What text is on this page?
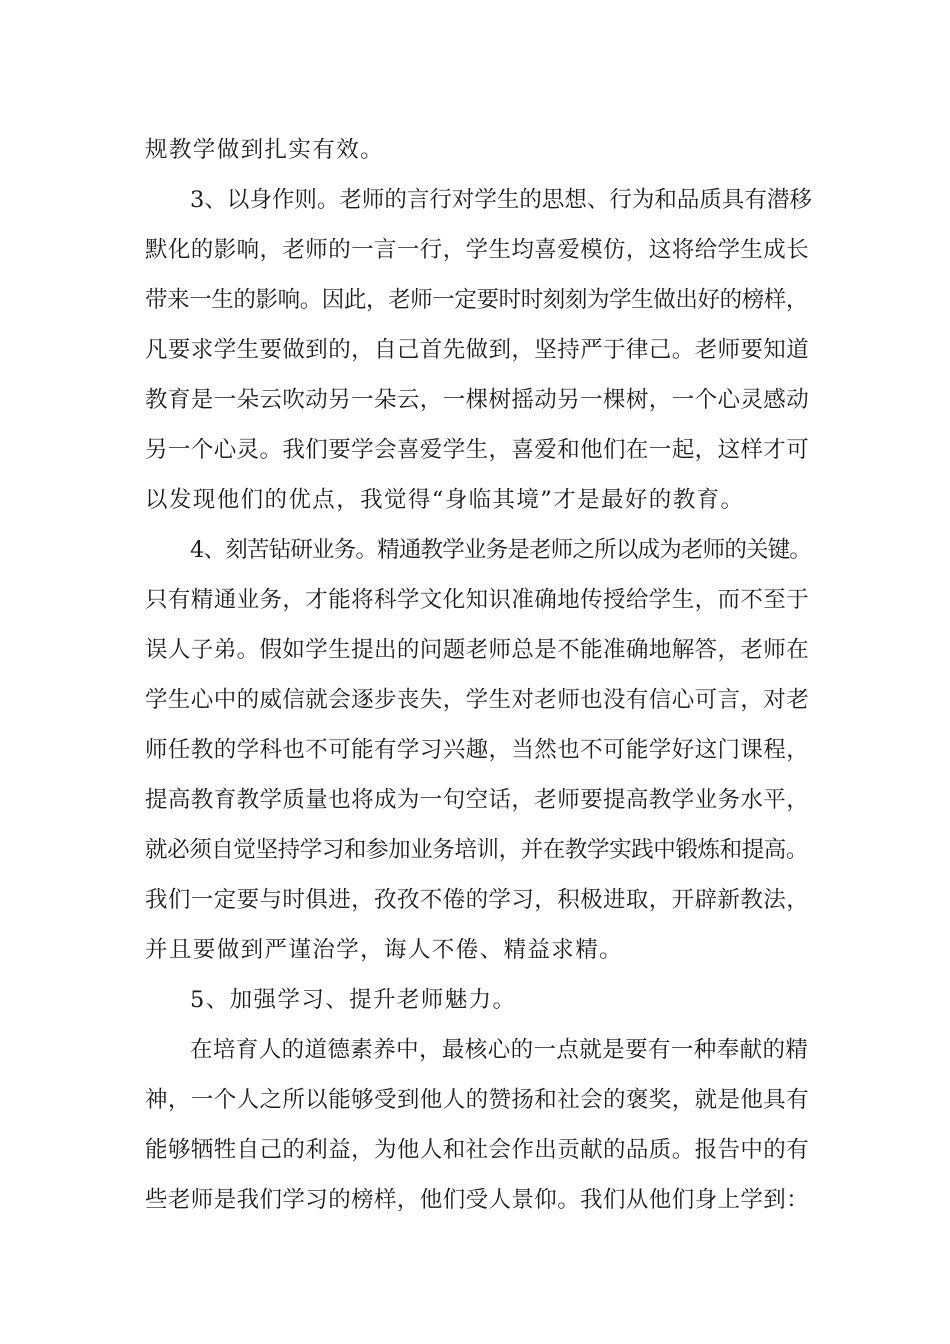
规教学做到扎实有效。
3、以身作则。老师的言行对学生的思想、行为和品质具有潜移
默化的影响，老师的一言一行，学生均喜爱模仿，这将给学生成长
带来一生的影响。因此，老师一定要时时刻刻为学生做出好的榜样，
凡要求学生要做到的，自己首先做到，坚持严于律己。老师要知道
教育是一朵云吹动另一朵云，一棵树摇动另一棵树，一个心灵感动
另一个心灵。我们要学会喜爱学生，喜爱和他们在一起，这样才可
以发现他们的优点，我觉得“身临其境”才是最好的教育。
4、刻苦钻研业务。精通教学业务是老师之所以成为老师的关键。
只有精通业务，才能将科学文化知识准确地传授给学生，而不至于
误人子弟。假如学生提出的问题老师总是不能准确地解答，老师在
学生心中的威信就会逐步丧失，学生对老师也没有信心可言，对老
师任教的学科也不可能有学习兴趣，当然也不可能学好这门课程，
提高教育教学质量也将成为一句空话，老师要提高教学业务水平，
就必须自觉坚持学习和参加业务培训，并在教学实践中锻炼和提高。
我们一定要与时俱进，孜孜不倦的学习，积极进取，开辟新教法，
并且要做到严谨治学，诲人不倦、精益求精。
5、加强学习、提升老师魅力。
在培育人的道德素养中，最核心的一点就是要有一种奉献的精
神，一个人之所以能够受到他人的赞扬和社会的褒奖，就是他具有
能够牺牲自己的利益，为他人和社会作出贡献的品质。报告中的有
些老师是我们学习的榜样，他们受人景仰。我们从他们身上学到：
